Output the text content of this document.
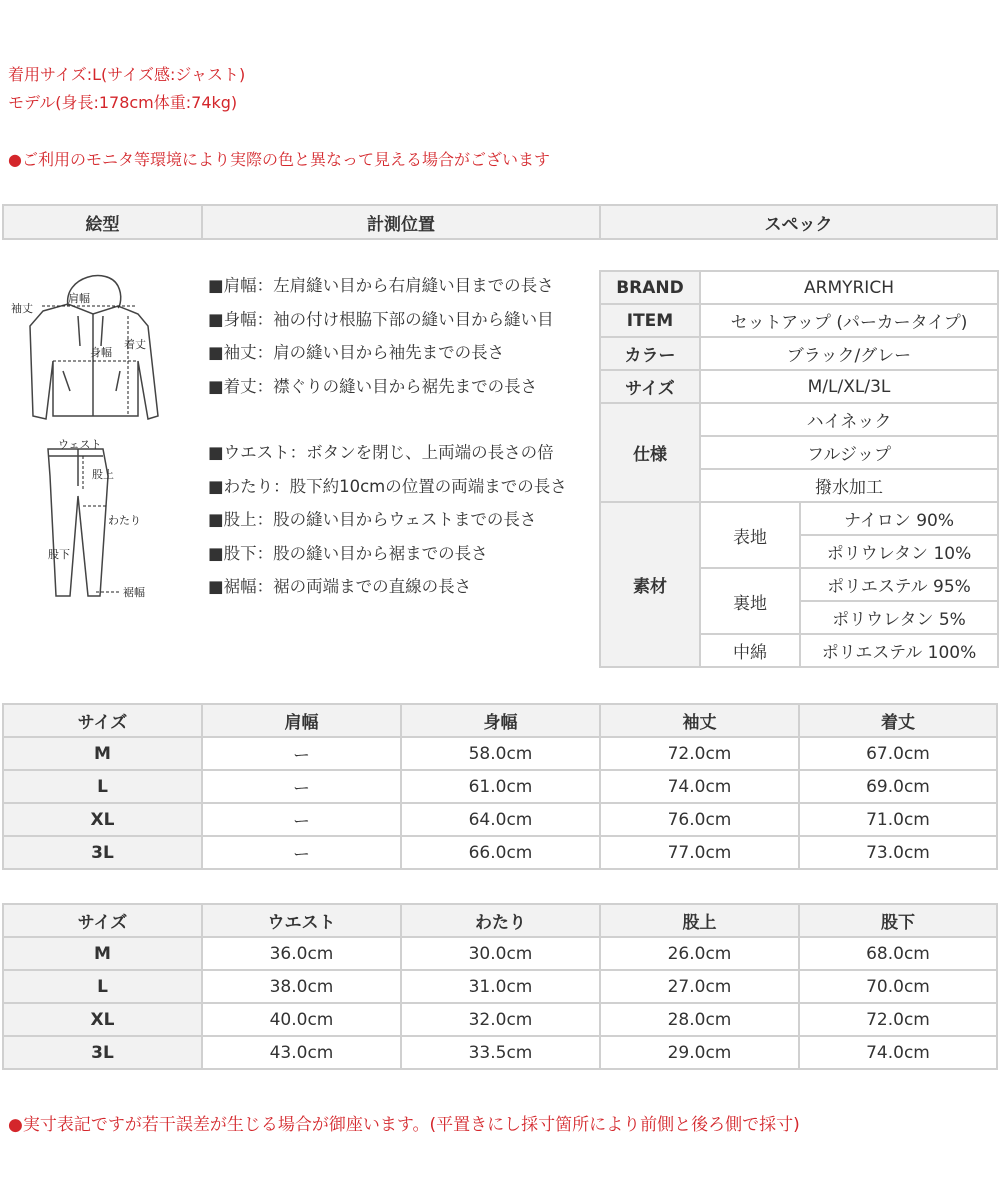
着用サイズ:L(サイズ感:ジャスト)
モデル(身長:178cm体重:74kg)
●ご利用のモニタ等環境により実際の色と異なって見える場合がございます
絵型	計測位置	スペック
袖丈
肩幅
身幅
着丈
ウェスト
股上
わたり
股下
裾幅
■肩幅：左肩縫い目から右肩縫い目までの長さ
■身幅：袖の付け根脇下部の縫い目から縫い目
■袖丈：肩の縫い目から袖先までの長さ
■着丈：襟ぐりの縫い目から裾先までの長さ
■ウエスト：ボタンを閉じ、上両端の長さの倍
■わたり：股下約10cmの位置の両端までの長さ
■股上：股の縫い目からウェストまでの長さ
■股下：股の縫い目から裾までの長さ
■裾幅：裾の両端までの直線の長さ
BRAND	ARMYRICH	
ITEM	セットアップ (パーカータイプ)	
カラー	ブラック/グレー	
サイズ	M/L/XL/3L	
仕様	ハイネック	
	フルジップ	
	撥水加工	
素材	表地	ナイロン 90%
		ポリウレタン 10%
	裏地	ポリエステル 95%
		ポリウレタン 5%
	中綿	ポリエステル 100%
サイズ	肩幅	身幅	袖丈	着丈
M	ー	58.0cm	72.0cm	67.0cm
L	ー	61.0cm	74.0cm	69.0cm
XL	ー	64.0cm	76.0cm	71.0cm
3L	ー	66.0cm	77.0cm	73.0cm
サイズ	ウエスト	わたり	股上	股下
M	36.0cm	30.0cm	26.0cm	68.0cm
L	38.0cm	31.0cm	27.0cm	70.0cm
XL	40.0cm	32.0cm	28.0cm	72.0cm
3L	43.0cm	33.5cm	29.0cm	74.0cm
●実寸表記ですが若干誤差が生じる場合が御座います。(平置きにし採寸箇所により前側と後ろ側で採寸)
